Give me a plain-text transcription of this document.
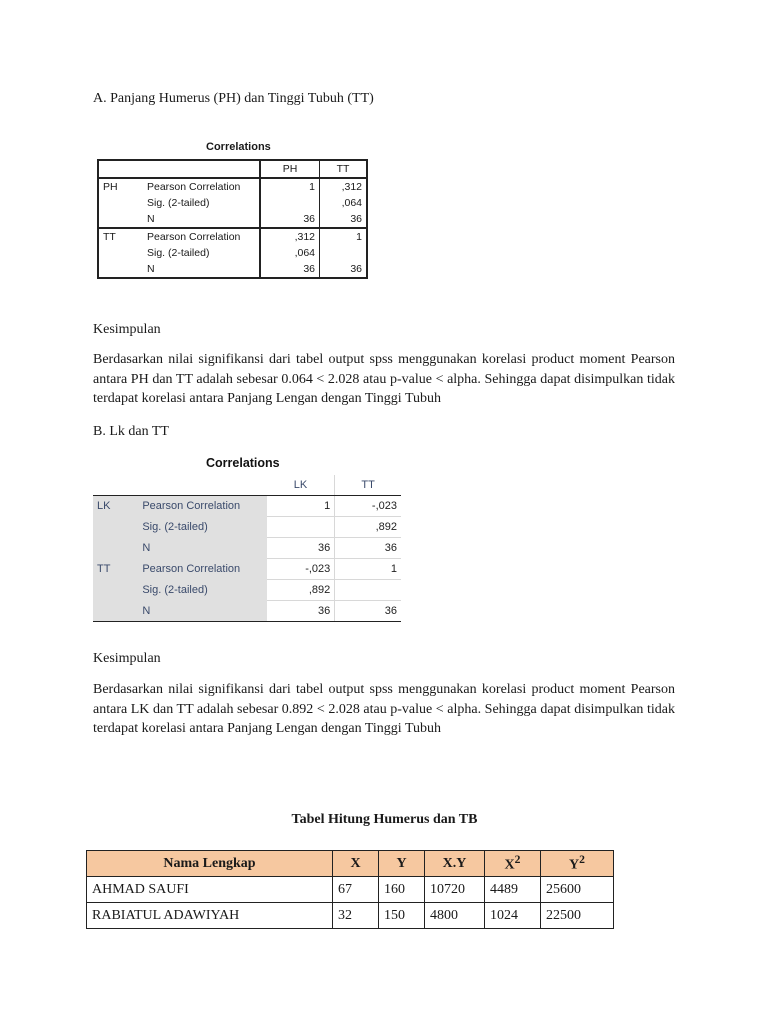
A. Panjang Humerus (PH) dan Tinggi Tubuh (TT)
Correlations
		PH	TT
PH	Pearson Correlation	1	,312
	Sig. (2-tailed)		,064
	N	36	36
TT	Pearson Correlation	,312	1
	Sig. (2-tailed)	,064	
	N	36	36
Kesimpulan
Berdasarkan nilai signifikansi dari tabel output spss menggunakan korelasi product moment Pearson antara PH dan TT adalah sebesar 0.064 < 2.028 atau p-value < alpha. Sehingga dapat disimpulkan tidak terdapat korelasi antara Panjang Lengan dengan Tinggi Tubuh
B. Lk dan TT
Correlations
		LK	TT
LK	Pearson Correlation	1	-,023
	Sig. (2-tailed)		,892
	N	36	36
TT	Pearson Correlation	-,023	1
	Sig. (2-tailed)	,892	
	N	36	36
Kesimpulan
Berdasarkan nilai signifikansi dari tabel output spss menggunakan korelasi product moment Pearson antara LK dan TT adalah sebesar 0.892 < 2.028 atau p-value < alpha. Sehingga dapat disimpulkan tidak terdapat korelasi antara Panjang Lengan dengan Tinggi Tubuh
Tabel Hitung Humerus dan TB
Nama Lengkap	X	Y	X.Y	$X^2$	$Y^2$
AHMAD SAUFI	67	160	10720	4489	25600
RABIATUL ADAWIYAH	32	150	4800	1024	22500
